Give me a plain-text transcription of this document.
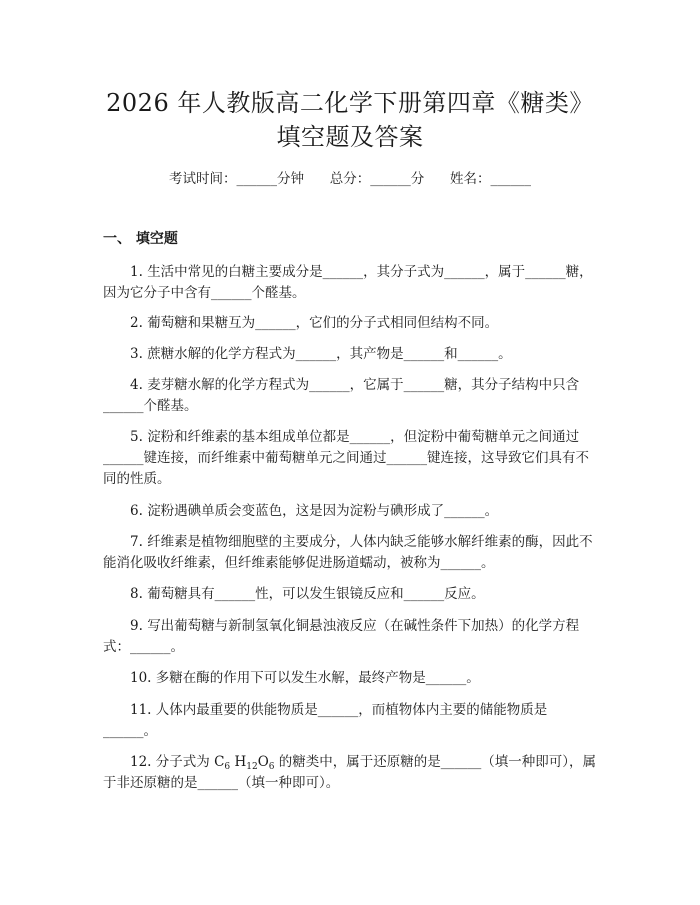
2026 年人教版高二化学下册第四章《糖类》
填空题及答案
考试时间：______分钟      总分：______分      姓名：______
一、 填空题
1. 生活中常见的白糖主要成分是______，其分子式为______，属于______糖，因为它分子中含有______个醛基。
2. 葡萄糖和果糖互为______，它们的分子式相同但结构不同。
3. 蔗糖水解的化学方程式为______，其产物是______和______。
4. 麦芽糖水解的化学方程式为______，它属于______糖，其分子结构中只含______个醛基。
5. 淀粉和纤维素的基本组成单位都是______，但淀粉中葡萄糖单元之间通过______键连接，而纤维素中葡萄糖单元之间通过______键连接，这导致它们具有不同的性质。
6. 淀粉遇碘单质会变蓝色，这是因为淀粉与碘形成了______。
7. 纤维素是植物细胞壁的主要成分，人体内缺乏能够水解纤维素的酶，因此不能消化吸收纤维素，但纤维素能够促进肠道蠕动，被称为______。
8. 葡萄糖具有______性，可以发生银镜反应和______反应。
9. 写出葡萄糖与新制氢氧化铜悬浊液反应（在碱性条件下加热）的化学方程式：______。
10. 多糖在酶的作用下可以发生水解，最终产物是______。
11. 人体内最重要的供能物质是______，而植物体内主要的储能物质是______。
12. 分子式为 $C_6$ $H_{12}O_6$ 的糖类中，属于还原糖的是______（填一种即可），属于非还原糖的是______（填一种即可）。
